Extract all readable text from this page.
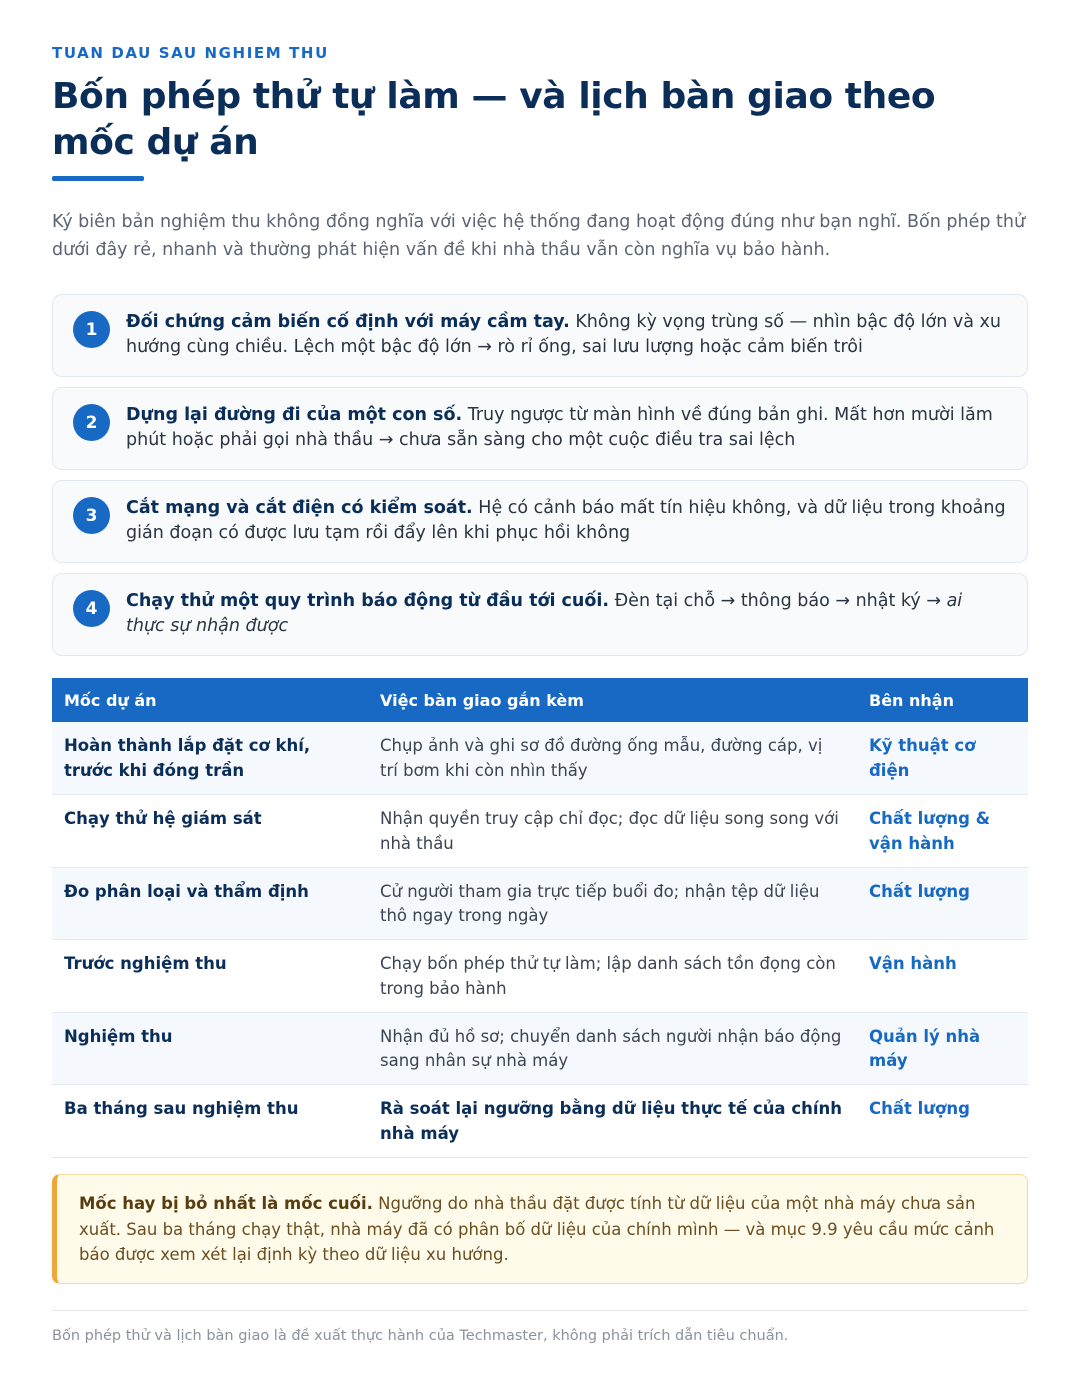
TUAN DAU SAU NGHIEM THU
Bốn phép thử tự làm — và lịch bàn giao theo mốc dự án

Ký biên bản nghiệm thu không đồng nghĩa với việc hệ thống đang hoạt động đúng như bạn nghĩ. Bốn phép thử dưới đây rẻ, nhanh và thường phát hiện vấn đề khi nhà thầu vẫn còn nghĩa vụ bảo hành.

1	Đối chứng cảm biến cố định với máy cầm tay. Không kỳ vọng trùng số — nhìn bậc độ lớn và xu hướng cùng chiều. Lệch một bậc độ lớn → rò rỉ ống, sai lưu lượng hoặc cảm biến trôi
2	Dựng lại đường đi của một con số. Truy ngược từ màn hình về đúng bản ghi. Mất hơn mười lăm phút hoặc phải gọi nhà thầu → chưa sẵn sàng cho một cuộc điều tra sai lệch
3	Cắt mạng và cắt điện có kiểm soát. Hệ có cảnh báo mất tín hiệu không, và dữ liệu trong khoảng gián đoạn có được lưu tạm rồi đẩy lên khi phục hồi không
4	Chạy thử một quy trình báo động từ đầu tới cuối. Đèn tại chỗ → thông báo → nhật ký → ai thực sự nhận được
Mốc dự án	Việc bàn giao gắn kèm	Bên nhận
Hoàn thành lắp đặt cơ khí, trước khi đóng trần	Chụp ảnh và ghi sơ đồ đường ống mẫu, đường cáp, vị trí bơm khi còn nhìn thấy	Kỹ thuật cơ điện
Chạy thử hệ giám sát	Nhận quyền truy cập chỉ đọc; đọc dữ liệu song song với nhà thầu	Chất lượng & vận hành
Đo phân loại và thẩm định	Cử người tham gia trực tiếp buổi đo; nhận tệp dữ liệu thô ngay trong ngày	Chất lượng
Trước nghiệm thu	Chạy bốn phép thử tự làm; lập danh sách tồn đọng còn trong bảo hành	Vận hành
Nghiệm thu	Nhận đủ hồ sơ; chuyển danh sách người nhận báo động sang nhân sự nhà máy	Quản lý nhà máy
Ba tháng sau nghiệm thu	Rà soát lại ngưỡng bằng dữ liệu thực tế của chính nhà máy	Chất lượng
Mốc hay bị bỏ nhất là mốc cuối. Ngưỡng do nhà thầu đặt được tính từ dữ liệu của một nhà máy chưa sản xuất. Sau ba tháng chạy thật, nhà máy đã có phân bố dữ liệu của chính mình — và mục 9.9 yêu cầu mức cảnh báo được xem xét lại định kỳ theo dữ liệu xu hướng.
Bốn phép thử và lịch bàn giao là đề xuất thực hành của Techmaster, không phải trích dẫn tiêu chuẩn.
